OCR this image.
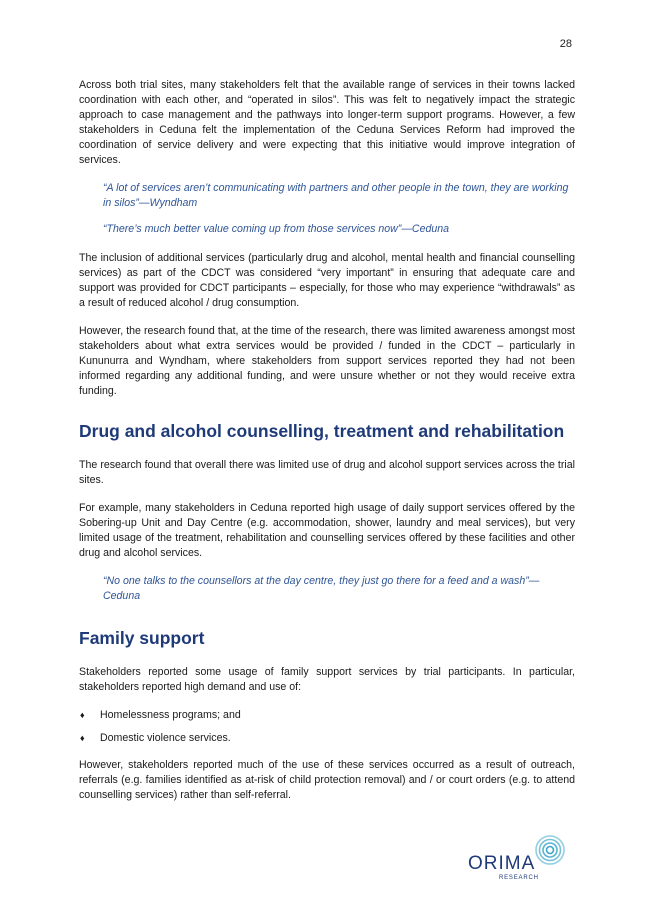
28

Across both trial sites, many stakeholders felt that the available range of services in their towns lacked coordination with each other, and “operated in silos”. This was felt to negatively impact the strategic approach to case management and the pathways into longer-term support programs. However, a few stakeholders in Ceduna felt the implementation of the Ceduna Services Reform had improved the coordination of service delivery and were expecting that this initiative would improve integration of services.

“A lot of services aren’t communicating with partners and other people in the town, they are working in silos”—Wyndham

“There’s much better value coming up from those services now”—Ceduna

The inclusion of additional services (particularly drug and alcohol, mental health and financial counselling services) as part of the CDCT was considered “very important” in ensuring that adequate care and support was provided for CDCT participants – especially, for those who may experience “withdrawals” as a result of reduced alcohol / drug consumption.

However, the research found that, at the time of the research, there was limited awareness amongst most stakeholders about what extra services would be provided / funded in the CDCT – particularly in Kununurra and Wyndham, where stakeholders from support services reported they had not been informed regarding any additional funding, and were unsure whether or not they would receive extra funding.

Drug and alcohol counselling, treatment and rehabilitation

The research found that overall there was limited use of drug and alcohol support services across the trial sites.

For example, many stakeholders in Ceduna reported high usage of daily support services offered by the Sobering-up Unit and Day Centre (e.g. accommodation, shower, laundry and meal services), but very limited usage of the treatment, rehabilitation and counselling services offered by these facilities and other drug and alcohol services.

“No one talks to the counsellors at the day centre, they just go there for a feed and a wash”—Ceduna

Family support

Stakeholders reported some usage of family support services by trial participants. In particular, stakeholders reported high demand and use of:

♦	Homelessness programs; and
♦	Domestic violence services.

However, stakeholders reported much of the use of these services occurred as a result of outreach, referrals (e.g. families identified as at-risk of child protection removal) and / or court orders (e.g. to attend counselling services) rather than self-referral.

ORIMA
RESEARCH
